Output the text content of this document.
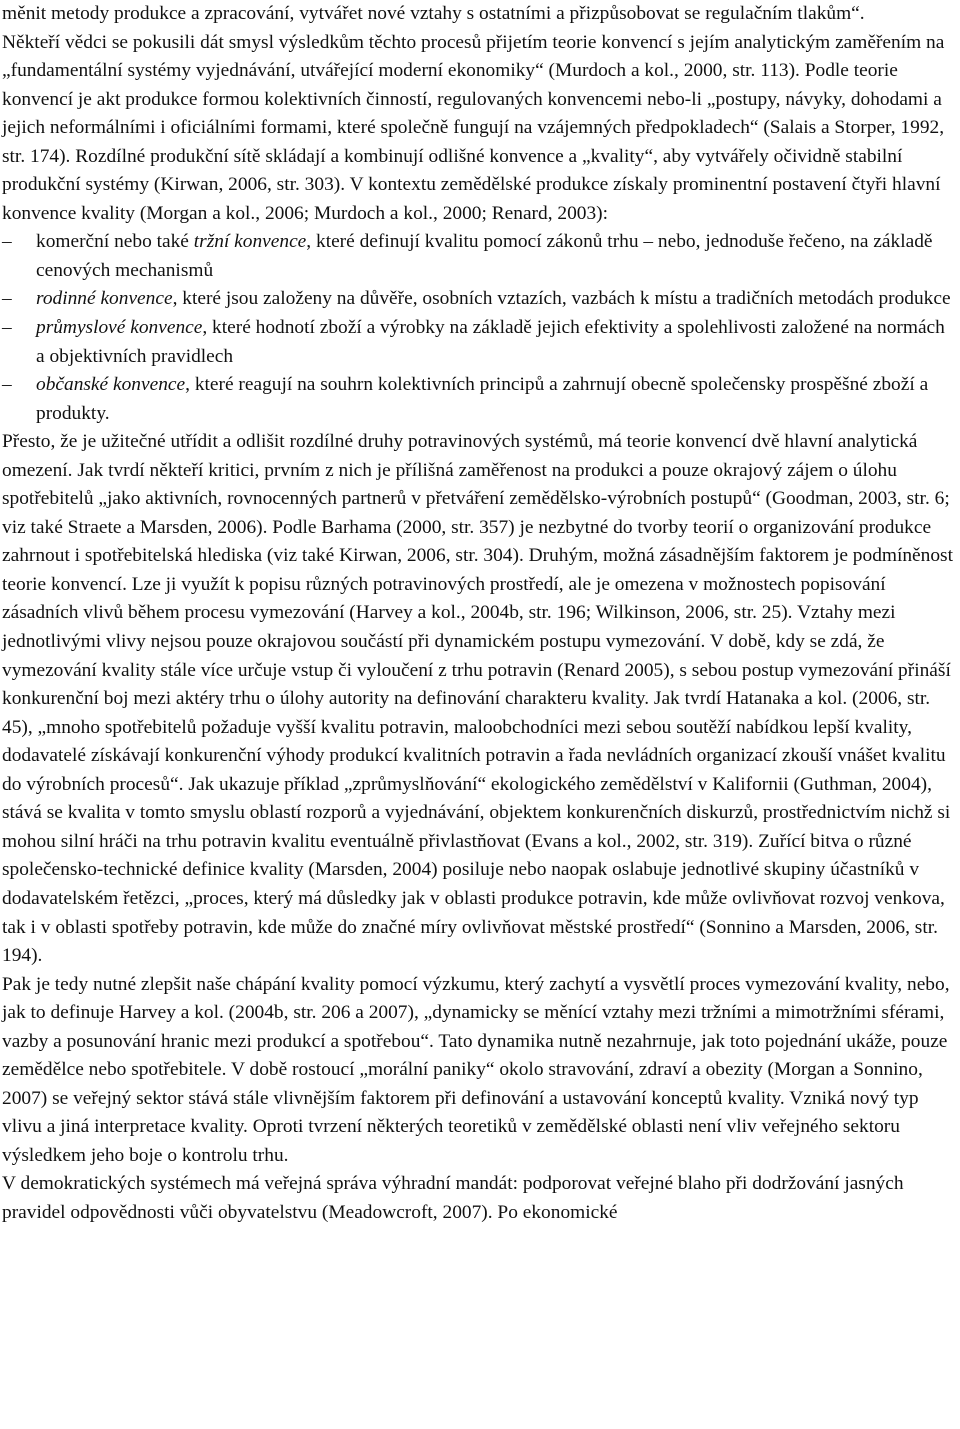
měnit metody produkce a zpracování, vytvářet nové vztahy s ostatními a přizpůsobovat se regulačním tlakům“.

Někteří vědci se pokusili dát smysl výsledkům těchto procesů přijetím teorie konvencí s jejím analytickým zaměřením na „fundamentální systémy vyjednávání, utvářející moderní ekonomiky“ (Murdoch a kol., 2000, str. 113). Podle teorie konvencí je akt produkce formou kolektivních činností, regulovaných konvencemi nebo-li „postupy, návyky, dohodami a jejich neformálními i oficiálními formami, které společně fungují na vzájemných předpokladech“ (Salais a Storper, 1992, str. 174). Rozdílné produkční sítě skládají a kombinují odlišné konvence a „kvality“, aby vytvářely očividně stabilní produkční systémy (Kirwan, 2006, str. 303). V kontextu zemědělské produkce získaly prominentní postavení čtyři hlavní konvence kvality (Morgan a kol., 2006; Murdoch a kol., 2000; Renard, 2003):

–	komerční nebo také tržní konvence, které definují kvalitu pomocí zákonů trhu – nebo, jednoduše řečeno, na základě cenových mechanismů
–	rodinné konvence, které jsou založeny na důvěře, osobních vztazích, vazbách k místu a tradičních metodách produkce
–	průmyslové konvence, které hodnotí zboží a výrobky na základě jejich efektivity a spolehlivosti založené na normách a objektivních pravidlech
–	občanské konvence, které reagují na souhrn kolektivních principů a zahrnují obecně společensky prospěšné zboží a produkty.

Přesto, že je užitečné utřídit a odlišit rozdílné druhy potravinových systémů, má teorie konvencí dvě hlavní analytická omezení. Jak tvrdí někteří kritici, prvním z nich je přílišná zaměřenost na produkci a pouze okrajový zájem o úlohu spotřebitelů „jako aktivních, rovnocenných partnerů v přetváření zemědělsko-výrobních postupů“ (Goodman, 2003, str. 6; viz také Straete a Marsden, 2006). Podle Barhama (2000, str. 357) je nezbytné do tvorby teorií o organizování produkce zahrnout i spotřebitelská hlediska (viz také Kirwan, 2006, str. 304). Druhým, možná zásadnějším faktorem je podmíněnost teorie konvencí. Lze ji využít k popisu různých potravinových prostředí, ale je omezena v možnostech popisování zásadních vlivů během procesu vymezování (Harvey a kol., 2004b, str. 196; Wilkinson, 2006, str. 25). Vztahy mezi jednotlivými vlivy nejsou pouze okrajovou součástí při dynamickém postupu vymezování. V době, kdy se zdá, že vymezování kvality stále více určuje vstup či vyloučení z trhu potravin (Renard 2005), s sebou postup vymezování přináší konkurenční boj mezi aktéry trhu o úlohy autority na definování charakteru kvality. Jak tvrdí Hatanaka a kol. (2006, str. 45), „mnoho spotřebitelů požaduje vyšší kvalitu potravin, maloobchodníci mezi sebou soutěží nabídkou lepší kvality, dodavatelé získávají konkurenční výhody produkcí kvalitních potravin a řada nevládních organizací zkouší vnášet kvalitu do výrobních procesů“. Jak ukazuje příklad „zprůmyslňování“ ekologického zemědělství v Kalifornii (Guthman, 2004), stává se kvalita v tomto smyslu oblastí rozporů a vyjednávání, objektem konkurenčních diskurzů, prostřednictvím nichž si mohou silní hráči na trhu potravin kvalitu eventuálně přivlastňovat (Evans a kol., 2002, str. 319). Zuřící bitva o různé společensko-technické definice kvality (Marsden, 2004) posiluje nebo naopak oslabuje jednotlivé skupiny účastníků v dodavatelském řetězci, „proces, který má důsledky jak v oblasti produkce potravin, kde může ovlivňovat rozvoj venkova, tak i v oblasti spotřeby potravin, kde může do značné míry ovlivňovat městské prostředí“ (Sonnino a Marsden, 2006, str. 194).

Pak je tedy nutné zlepšit naše chápání kvality pomocí výzkumu, který zachytí a vysvětlí proces vymezování kvality, nebo, jak to definuje Harvey a kol. (2004b, str. 206 a 2007), „dynamicky se měnící vztahy mezi tržními a mimotržními sférami, vazby a posunování hranic mezi produkcí a spotřebou“. Tato dynamika nutně nezahrnuje, jak toto pojednání ukáže, pouze zemědělce nebo spotřebitele. V době rostoucí „morální paniky“ okolo stravování, zdraví a obezity (Morgan a Sonnino, 2007) se veřejný sektor stává stále vlivnějším faktorem při definování a ustavování konceptů kvality. Vzniká nový typ vlivu a jiná interpretace kvality. Oproti tvrzení některých teoretiků v zemědělské oblasti není vliv veřejného sektoru výsledkem jeho boje o kontrolu trhu.

V demokratických systémech má veřejná správa výhradní mandát: podporovat veřejné blaho při dodržování jasných pravidel odpovědnosti vůči obyvatelstvu (Meadowcroft, 2007). Po ekonomické
